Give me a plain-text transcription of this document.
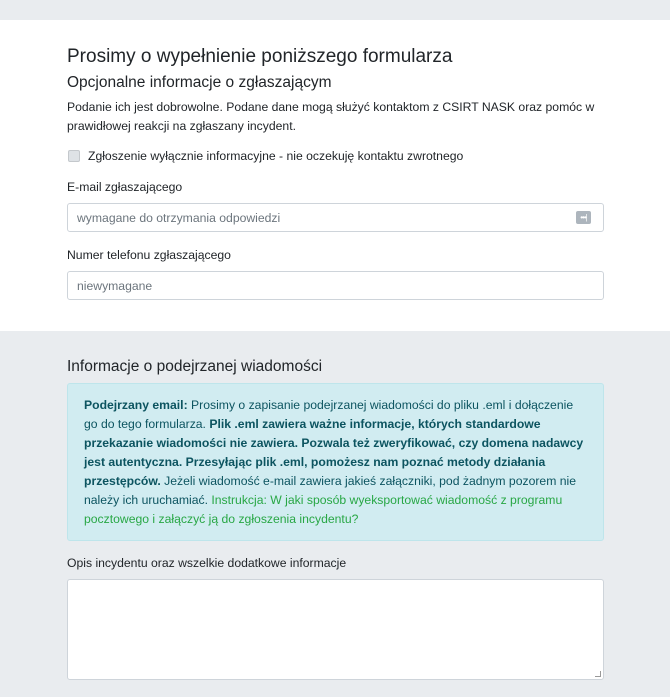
Prosimy o wypełnienie poniższego formularza
Opcjonalne informacje o zgłaszającym

Podanie ich jest dobrowolne. Podane dane mogą służyć kontaktom z CSIRT NASK oraz pomóc w prawidłowej reakcji na zgłaszany incydent.

Zgłoszenie wyłącznie informacyjne - nie oczekuję kontaktu zwrotnego
E-mail zgłaszającego
wymagane do otrzymania odpowiedzi	•••|
Numer telefonu zgłaszającego
niewymagane
Informacje o podejrzanej wiadomości
Podejrzany email: Prosimy o zapisanie podejrzanej wiadomości do pliku .eml i dołączenie go do tego formularza. Plik .eml zawiera ważne informacje, których standardowe przekazanie wiadomości nie zawiera. Pozwala też zweryfikować, czy domena nadawcy jest autentyczna. Przesyłając plik .eml, pomożesz nam poznać metody działania przestępców. Jeżeli wiadomość e-mail zawiera jakieś załączniki, pod żadnym pozorem nie należy ich uruchamiać. Instrukcja: W jaki sposób wyeksportować wiadomość z programu pocztowego i załączyć ją do zgłoszenia incydentu?
Opis incydentu oraz wszelkie dodatkowe informacje
